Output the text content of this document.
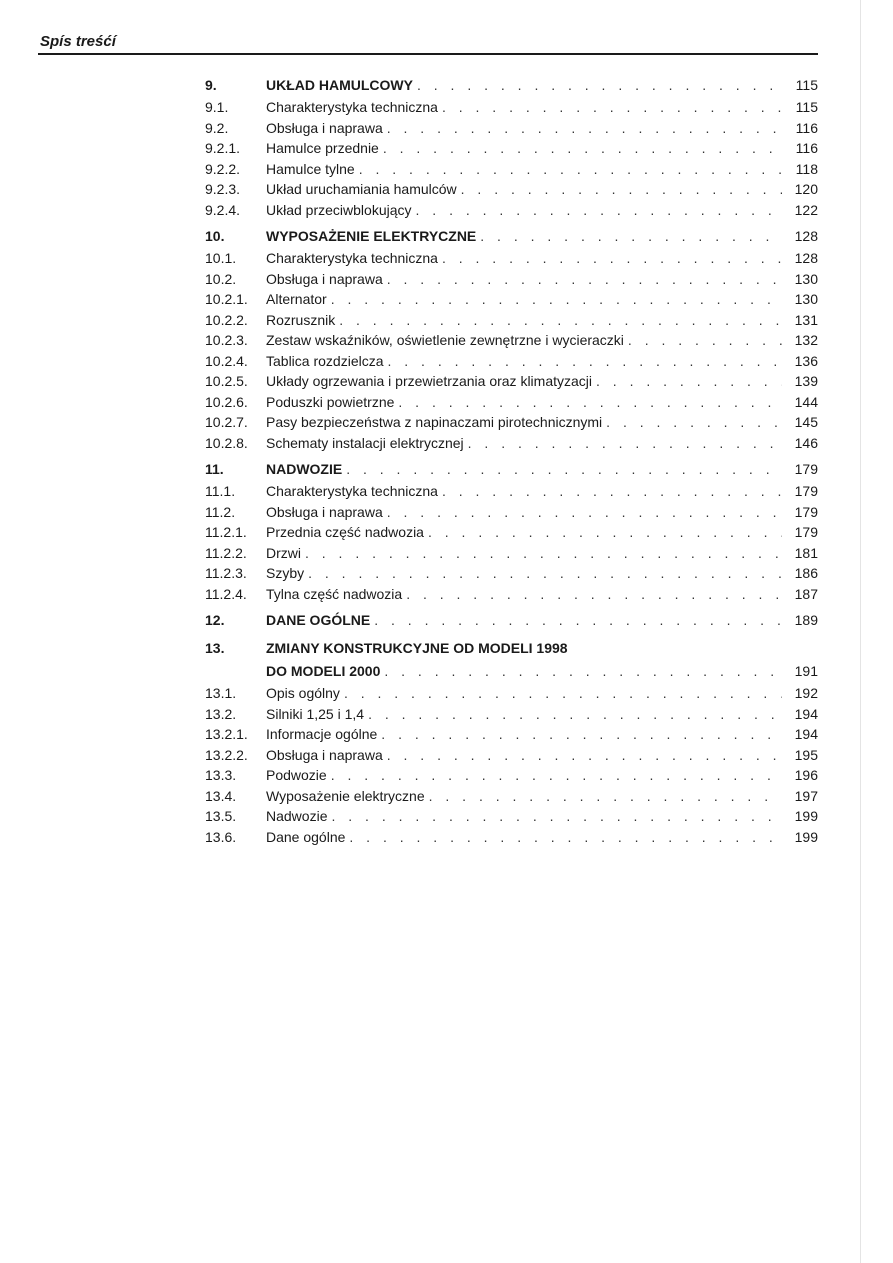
Spís treśćí
9.	UKŁAD HAMULCOWY . . .	115
9.1.	Charakterystyka techniczna . . .	115
9.2.	Obsługa i naprawa . . .	116
9.2.1.	Hamulce przednie . . .	116
9.2.2.	Hamulce tylne . . .	118
9.2.3.	Układ uruchamiania hamulców . . .	120
9.2.4.	Układ przeciwblokujący . . .	122
10.	WYPOSAŻENIE ELEKTRYCZNE . . .	128
10.1.	Charakterystyka techniczna . . .	128
10.2.	Obsługa i naprawa . . .	130
10.2.1.	Alternator . . .	130
10.2.2.	Rozrusznik . . .	131
10.2.3.	Zestaw wskaźników, oświetlenie zewnętrzne i wycieraczki . . .	132
10.2.4.	Tablica rozdzielcza . . .	136
10.2.5.	Układy ogrzewania i przewietrzania oraz klimatyzacji . . .	139
10.2.6.	Poduszki powietrzne . . .	144
10.2.7.	Pasy bezpieczeństwa z napinaczami pirotechnicznymi . . .	145
10.2.8.	Schematy instalacji elektrycznej . . .	146
11.	NADWOZIE . . .	179
11.1.	Charakterystyka techniczna . . .	179
11.2.	Obsługa i naprawa . . .	179
11.2.1.	Przednia część nadwozia . . .	179
11.2.2.	Drzwi . . .	181
11.2.3.	Szyby . . .	186
11.2.4.	Tylna część nadwozia . . .	187
12.	DANE OGÓLNE . . .	189
13.	ZMIANY KONSTRUKCYJNE OD MODELI 1998
DO MODELI 2000 . . .	191
13.1.	Opis ogólny . . .	192
13.2.	Silniki 1,25 i 1,4 . . .	194
13.2.1.	Informacje ogólne . . .	194
13.2.2.	Obsługa i naprawa . . .	195
13.3.	Podwozie . . .	196
13.4.	Wyposażenie elektryczne . . .	197
13.5.	Nadwozie . . .	199
13.6.	Dane ogólne . . .	199
